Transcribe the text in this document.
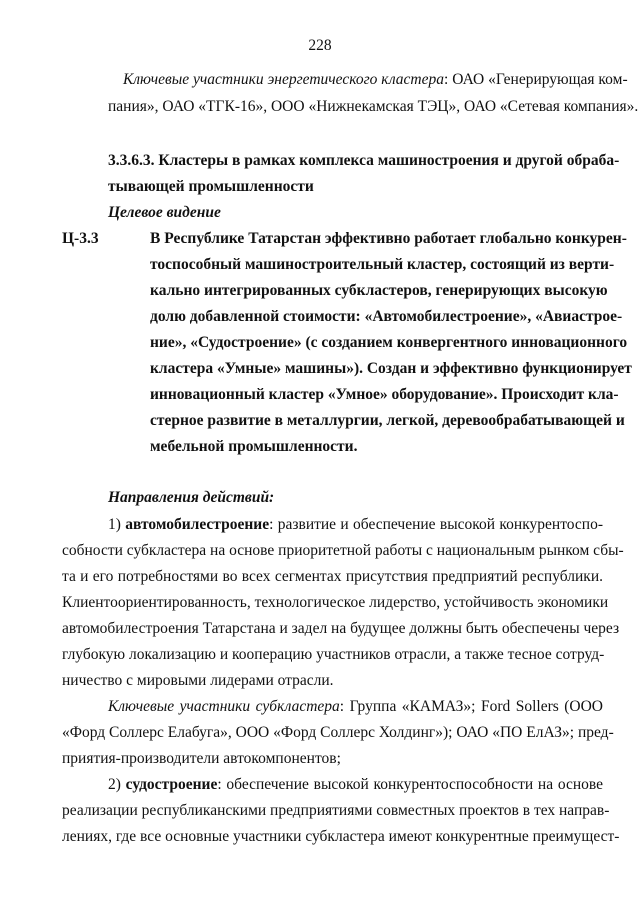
228
Ключевые участники энергетического кластера: ОАО «Генерирующая ком-
пания», ОАО «ТГК-16», ООО «Нижнекамская ТЭЦ», ОАО «Сетевая компания».
3.3.6.3. Кластеры в рамках комплекса машиностроения и другой обраба-
тывающей промышленности
Целевое видение
Ц-3.3	В Республике Татарстан эффективно работает глобально конкурен-
тоспособный машиностроительный кластер, состоящий из верти-
кально интегрированных субкластеров, генерирующих высокую
долю добавленной стоимости: «Автомобилестроение», «Авиастрое-
ние», «Судостроение» (с созданием конвергентного инновационного
кластера «Умные» машины»). Создан и эффективно функционирует
инновационный кластер «Умное» оборудование». Происходит кла-
стерное развитие в металлургии, легкой, деревообрабатывающей и
мебельной промышленности.
Направления действий:
1) автомобилестроение: развитие и обеспечение высокой конкурентоспо-
собности субкластера на основе приоритетной работы с национальным рынком сбы-
та и его потребностями во всех сегментах присутствия предприятий республики.
Клиентоориентированность, технологическое лидерство, устойчивость экономики
автомобилестроения Татарстана и задел на будущее должны быть обеспечены через
глубокую локализацию и кооперацию участников отрасли, а также тесное сотруд-
ничество с мировыми лидерами отрасли.
Ключевые участники субкластера: Группа «КАМАЗ»; Ford Sollers (ООО
«Форд Соллерс Елабуга», ООО «Форд Соллерс Холдинг»); ОАО «ПО ЕлАЗ»; пред-
приятия-производители автокомпонентов;
2) судостроение: обеспечение высокой конкурентоспособности на основе
реализации республиканскими предприятиями совместных проектов в тех направ-
лениях, где все основные участники субкластера имеют конкурентные преимущест-
